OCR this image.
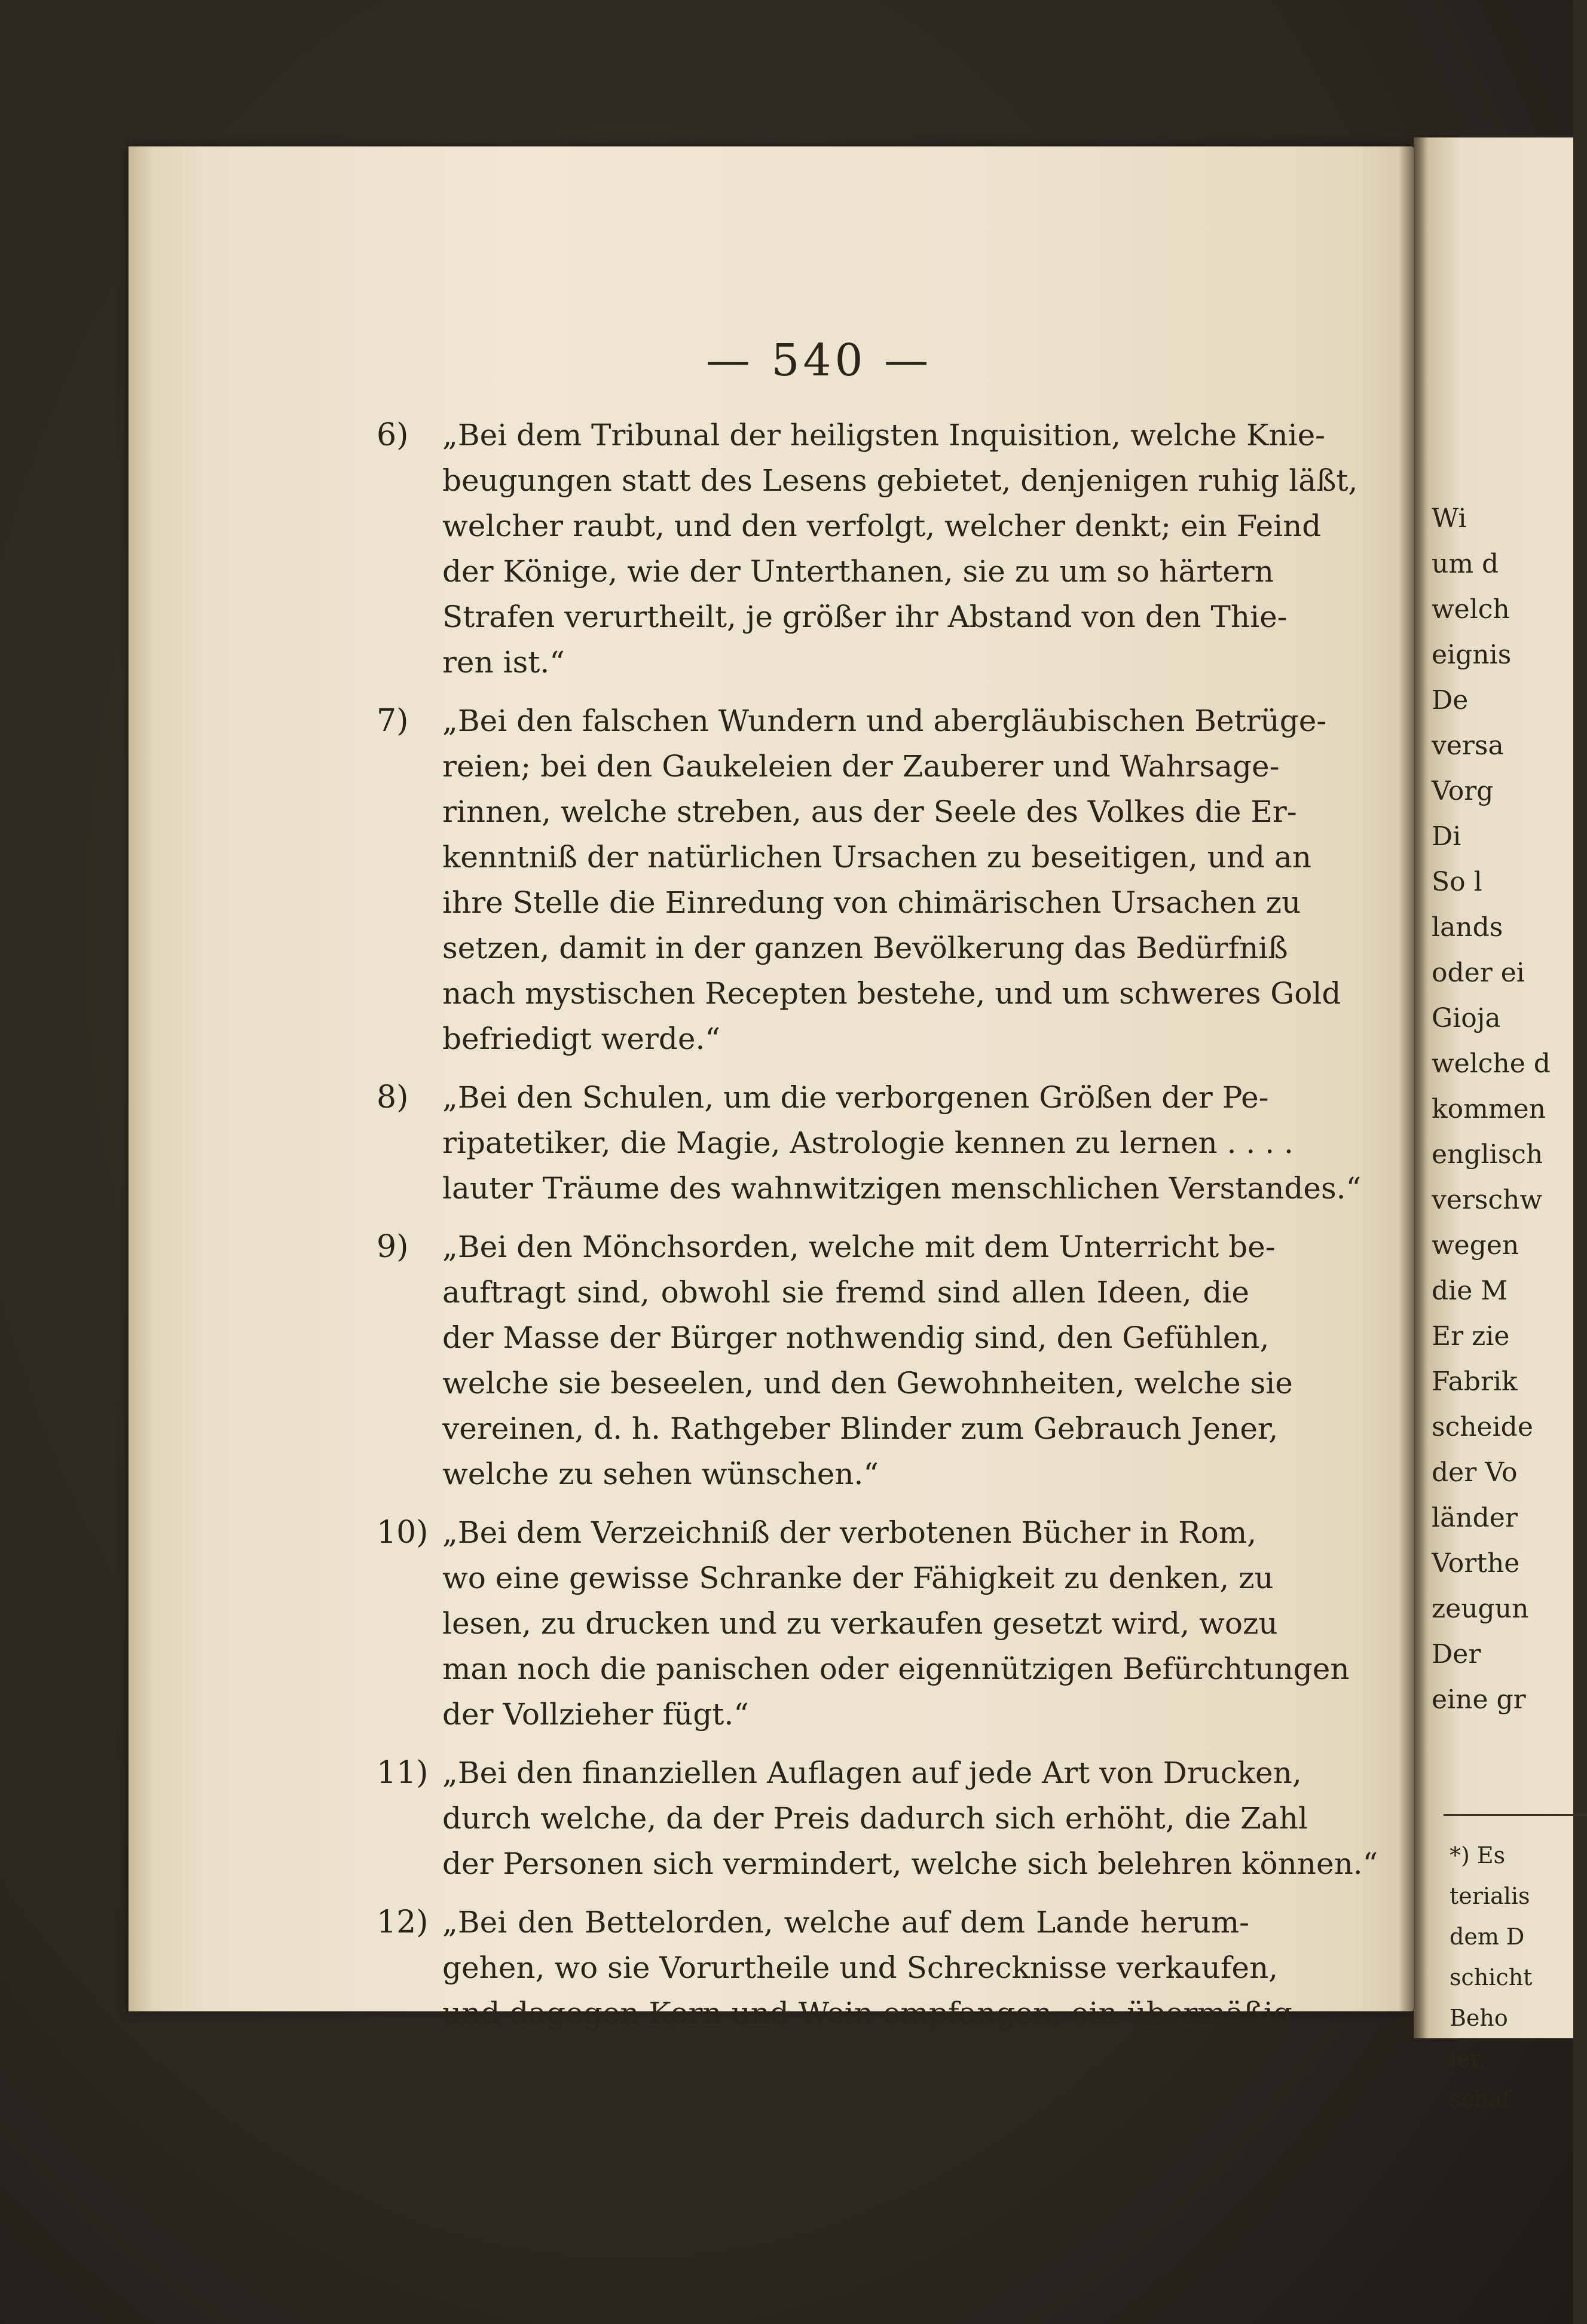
Wi
um d
welch
eignis
De
versa
Vorg
Di
So l
lands
oder ei
Gioja
welche d
kommen
englisch
verschw
wegen
die M
Er zie
Fabrik
scheide
der Vo
länder
Vorthe
zeugun
Der
eine gr
*) Es
terialis
dem D
schicht
Beho
ler,
schaf
— 540 —
6)	„Bei dem Tribunal der heiligsten Inquisition, welche Knie-
beugungen statt des Lesens gebietet, denjenigen ruhig läßt,
welcher raubt, und den verfolgt, welcher denkt; ein Feind
der Könige, wie der Unterthanen, sie zu um so härtern
Strafen verurtheilt, je größer ihr Abstand von den Thie-
ren ist.“
7)	„Bei den falschen Wundern und abergläubischen Betrüge-
reien; bei den Gaukeleien der Zauberer und Wahrsage-
rinnen, welche streben, aus der Seele des Volkes die Er-
kenntniß der natürlichen Ursachen zu beseitigen, und an
ihre Stelle die Einredung von chimärischen Ursachen zu
setzen, damit in der ganzen Bevölkerung das Bedürfniß
nach mystischen Recepten bestehe, und um schweres Gold
befriedigt werde.“
8)	„Bei den Schulen, um die verborgenen Größen der Pe-
ripatetiker, die Magie, Astrologie kennen zu lernen . . . .
lauter Träume des wahnwitzigen menschlichen Verstandes.“
9)	„Bei den Mönchsorden, welche mit dem Unterricht be-
auftragt sind, obwohl sie fremd sind allen Ideen, die
der Masse der Bürger nothwendig sind, den Gefühlen,
welche sie beseelen, und den Gewohnheiten, welche sie
vereinen, d. h. Rathgeber Blinder zum Gebrauch Jener,
welche zu sehen wünschen.“
10) „Bei dem Verzeichniß der verbotenen Bücher in Rom,
wo eine gewisse Schranke der Fähigkeit zu denken, zu
lesen, zu drucken und zu verkaufen gesetzt wird, wozu
man noch die panischen oder eigennützigen Befürchtungen
der Vollzieher fügt.“
11) „Bei den finanziellen Auflagen auf jede Art von Drucken,
durch welche, da der Preis dadurch sich erhöht, die Zahl
der Personen sich vermindert, welche sich belehren können.“
12) „Bei den Bettelorden, welche auf dem Lande herum-
gehen, wo sie Vorurtheile und Schrecknisse verkaufen,
und dagegen Korn und Wein empfangen, ein übermäßig
